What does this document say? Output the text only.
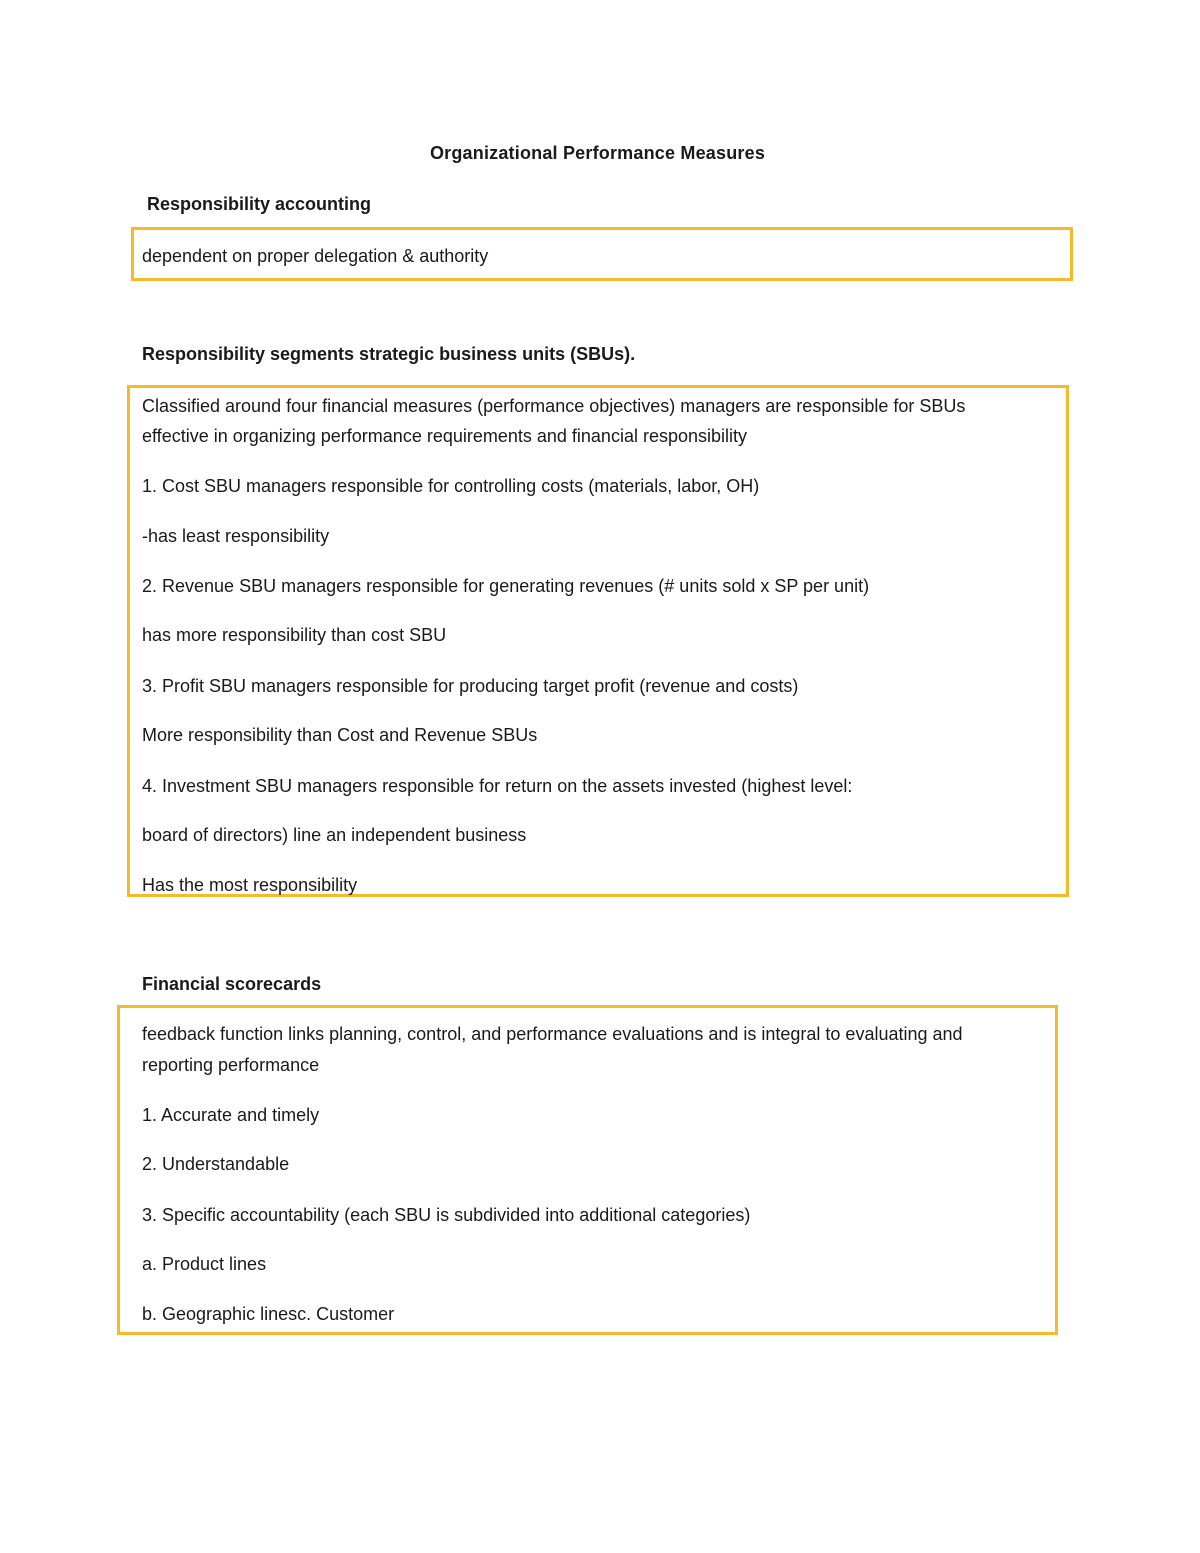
Organizational Performance Measures
Responsibility accounting
dependent on proper delegation & authority
Responsibility segments strategic business units (SBUs).
Classified around four financial measures (performance objectives) managers are responsible for SBUs
effective in organizing performance requirements and financial responsibility
1. Cost SBU managers responsible for controlling costs (materials, labor, OH)
-has least responsibility
2. Revenue SBU managers responsible for generating revenues (# units sold x SP per unit)
has more responsibility than cost SBU
3. Profit SBU managers responsible for producing target profit (revenue and costs)
More responsibility than Cost and Revenue SBUs
4. Investment SBU managers responsible for return on the assets invested (highest level:
board of directors) line an independent business
Has the most responsibility
Financial scorecards
feedback function links planning, control, and performance evaluations and is integral to evaluating and
reporting performance
1. Accurate and timely
2. Understandable
3. Specific accountability (each SBU is subdivided into additional categories)
a. Product lines
b. Geographic linesc. Customer
